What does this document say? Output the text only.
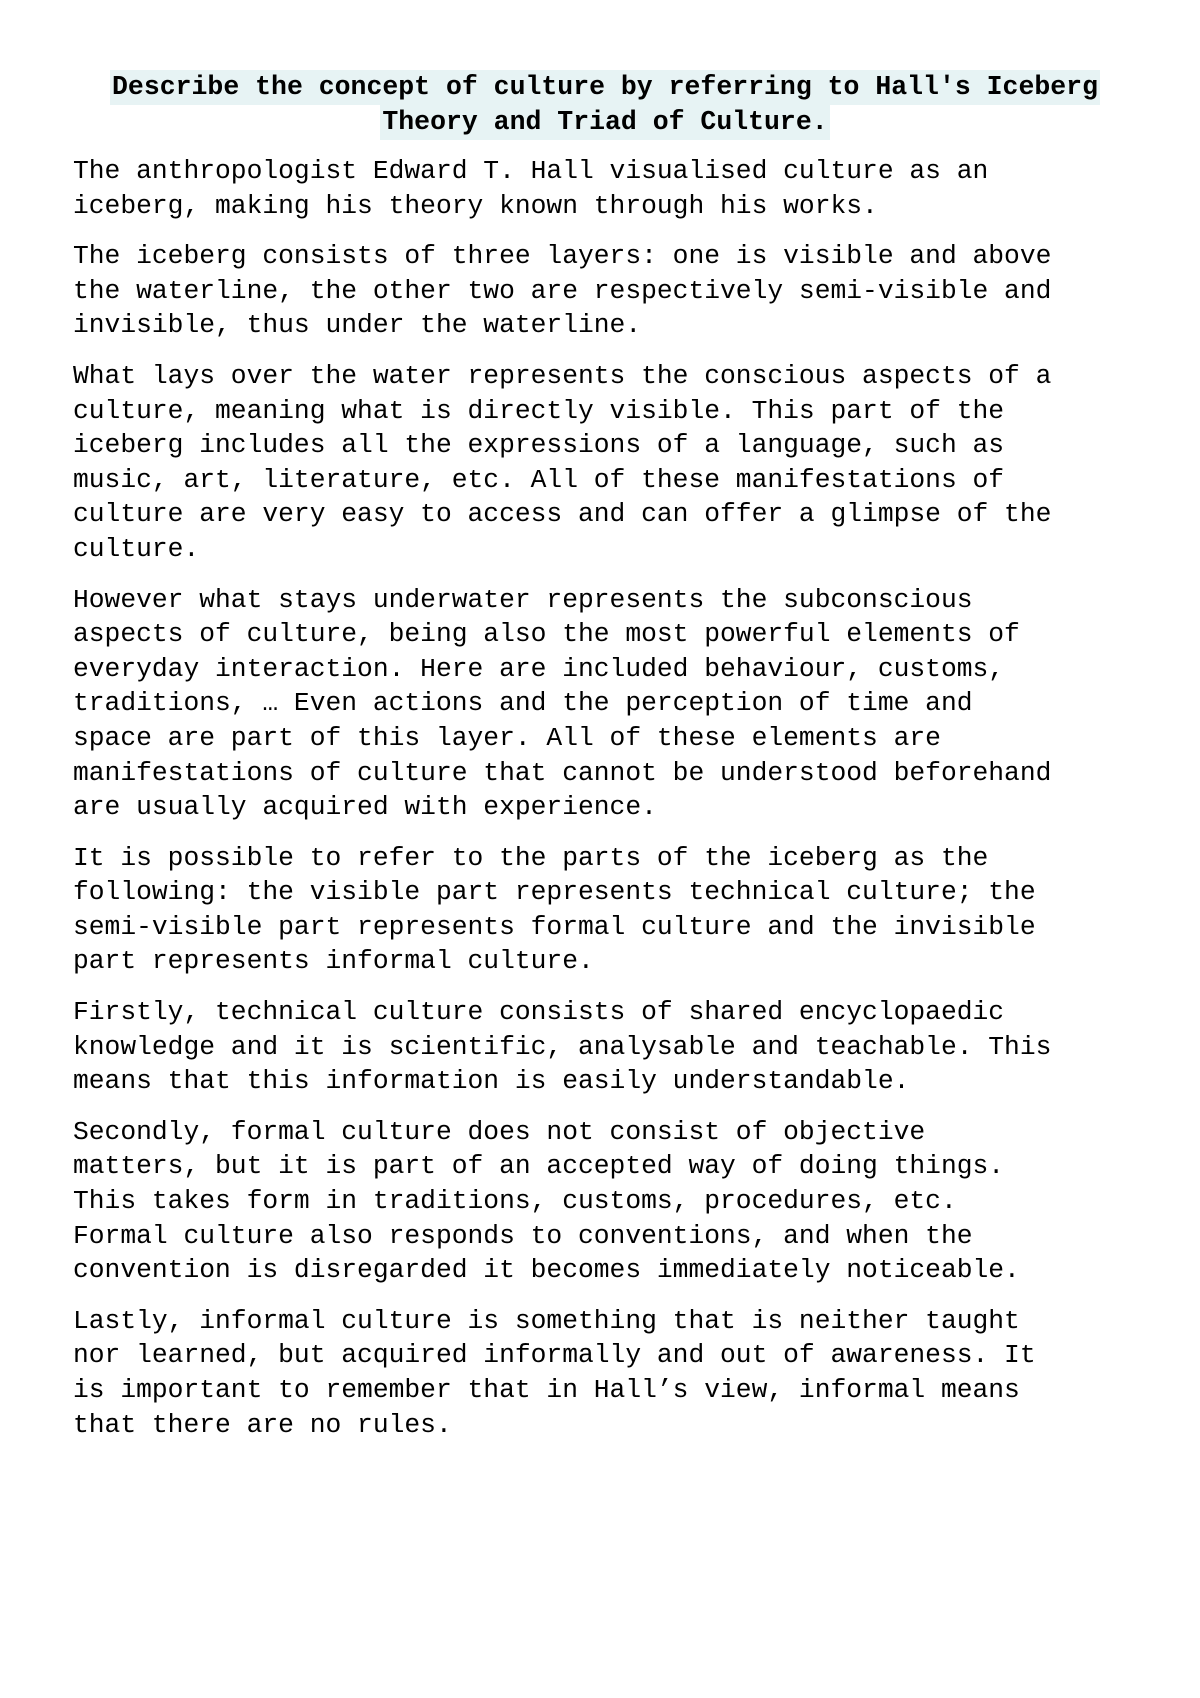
Describe the concept of culture by referring to Hall′s Iceberg
Theory and Triad of Culture.

The anthropologist Edward T. Hall visualised culture as an
iceberg, making his theory known through his works.

The iceberg consists of three layers: one is visible and above
the waterline, the other two are respectively semi-visible and
invisible, thus under the waterline.

What lays over the water represents the conscious aspects of a
culture, meaning what is directly visible. This part of the
iceberg includes all the expressions of a language, such as
music, art, literature, etc. All of these manifestations of
culture are very easy to access and can offer a glimpse of the
culture.

However what stays underwater represents the subconscious
aspects of culture, being also the most powerful elements of
everyday interaction. Here are included behaviour, customs,
traditions, … Even actions and the perception of time and
space are part of this layer. All of these elements are
manifestations of culture that cannot be understood beforehand
are usually acquired with experience.

It is possible to refer to the parts of the iceberg as the
following: the visible part represents technical culture; the
semi-visible part represents formal culture and the invisible
part represents informal culture.

Firstly, technical culture consists of shared encyclopaedic
knowledge and it is scientific, analysable and teachable. This
means that this information is easily understandable.

Secondly, formal culture does not consist of objective
matters, but it is part of an accepted way of doing things.
This takes form in traditions, customs, procedures, etc.
Formal culture also responds to conventions, and when the
convention is disregarded it becomes immediately noticeable.

Lastly, informal culture is something that is neither taught
nor learned, but acquired informally and out of awareness. It
is important to remember that in Hall’s view, informal means
that there are no rules.
